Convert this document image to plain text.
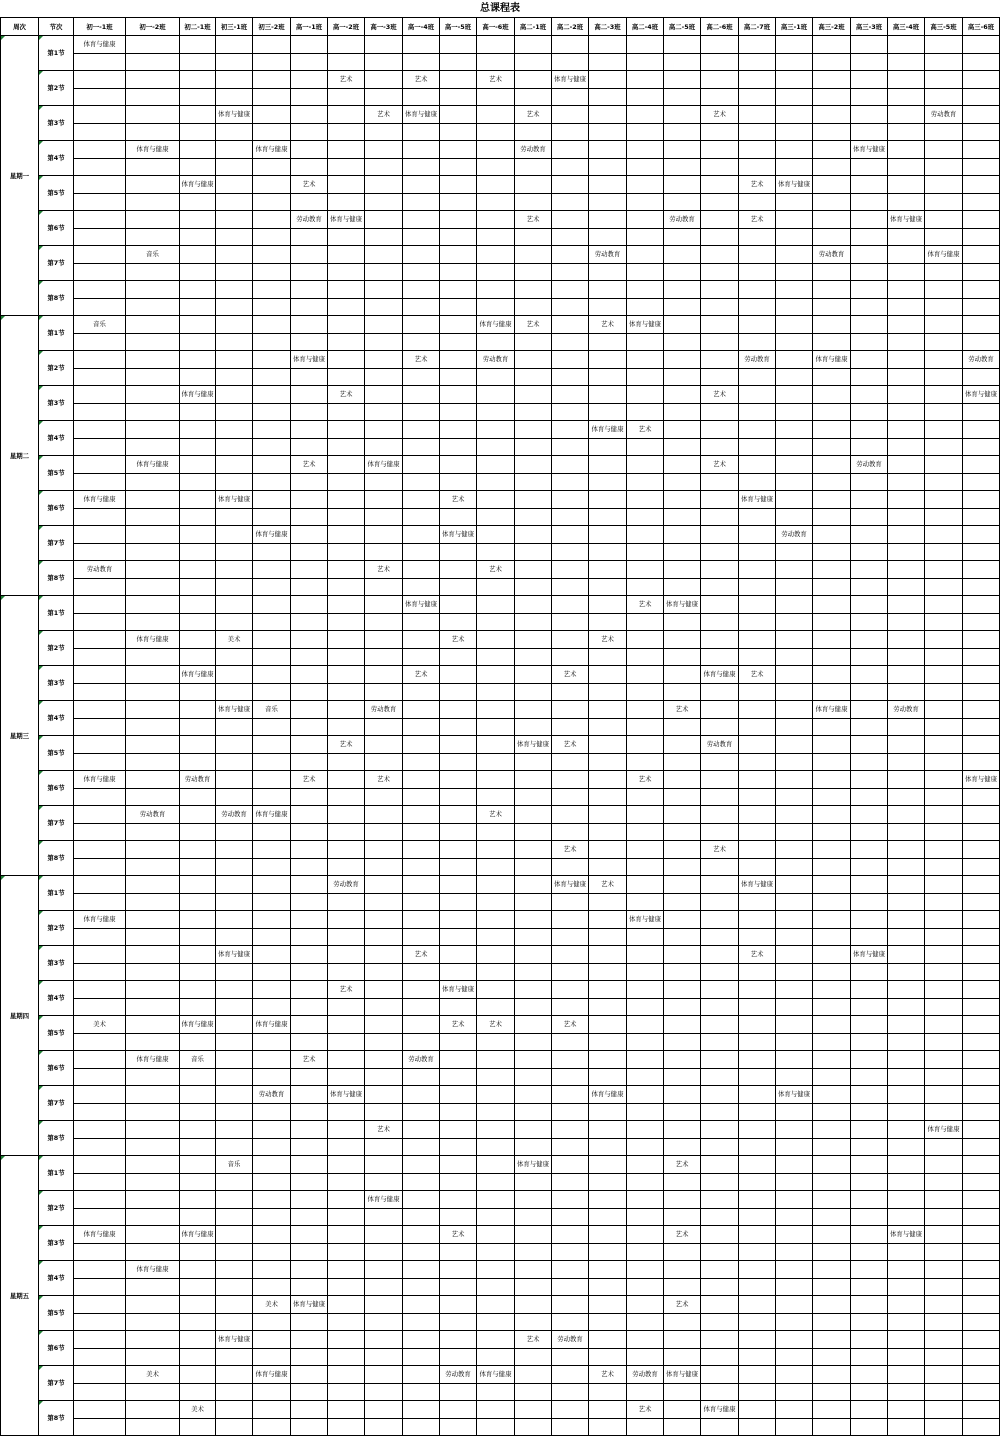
总课程表
周次	节次	初一-1班	初一-2班	初二-1班	初三-1班	初三-2班	高一-1班	高一-2班	高一-3班	高一-4班	高一-5班	高一-6班	高二-1班	高二-2班	高二-3班	高二-4班	高二-5班	高二-6班	高二-7班	高三-1班	高三-2班	高三-3班	高三-4班	高三-5班	高三-6班

星期一	第1节	体育与健康																							

第2节							艺术		艺术		艺术		体育与健康											

第3节				体育与健康				艺术	体育与健康			艺术					艺术						劳动教育	

第4节		体育与健康			体育与健康							劳动教育									体育与健康			

第5节			体育与健康			艺术												艺术	体育与健康					

第6节						劳动教育	体育与健康					艺术				劳动教育		艺术				体育与健康		

第7节		音乐												劳动教育						劳动教育			体育与健康	

第8节																								

星期二	第1节	音乐										体育与健康	艺术		艺术	体育与健康									

第2节						体育与健康			艺术		劳动教育							劳动教育		体育与健康				劳动教育

第3节			体育与健康				艺术										艺术							体育与健康

第4节														体育与健康	艺术									

第5节		体育与健康				艺术		体育与健康									艺术				劳动教育			

第6节	体育与健康			体育与健康						艺术								体育与健康						

第7节					体育与健康					体育与健康									劳动教育					

第8节	劳动教育							艺术			艺术													

星期三	第1节									体育与健康						艺术	体育与健康								

第2节		体育与健康		美术						艺术				艺术										

第3节			体育与健康						艺术				艺术				体育与健康	艺术						

第4节				体育与健康	音乐			劳动教育								艺术				体育与健康		劳动教育		

第5节							艺术					体育与健康	艺术				劳动教育							

第6节	体育与健康		劳动教育			艺术		艺术							艺术									体育与健康

第7节		劳动教育		劳动教育	体育与健康						艺术													

第8节													艺术				艺术							

星期四	第1节							劳动教育						体育与健康	艺术				体育与健康						

第2节	体育与健康														体育与健康									

第3节				体育与健康					艺术									艺术			体育与健康			

第4节							艺术			体育与健康														

第5节	美术		体育与健康		体育与健康					艺术	艺术		艺术											

第6节		体育与健康	音乐			艺术			劳动教育															

第7节					劳动教育		体育与健康							体育与健康					体育与健康					

第8节								艺术															体育与健康	

星期五	第1节				音乐								体育与健康				艺术								

第2节								体育与健康																

第3节	体育与健康		体育与健康							艺术						艺术						体育与健康		

第4节		体育与健康																						

第5节					美术	体育与健康										艺术								

第6节				体育与健康								艺术	劳动教育											

第7节		美术			体育与健康					劳动教育	体育与健康			艺术	劳动教育	体育与健康								

第8节			美术												艺术		体育与健康							
